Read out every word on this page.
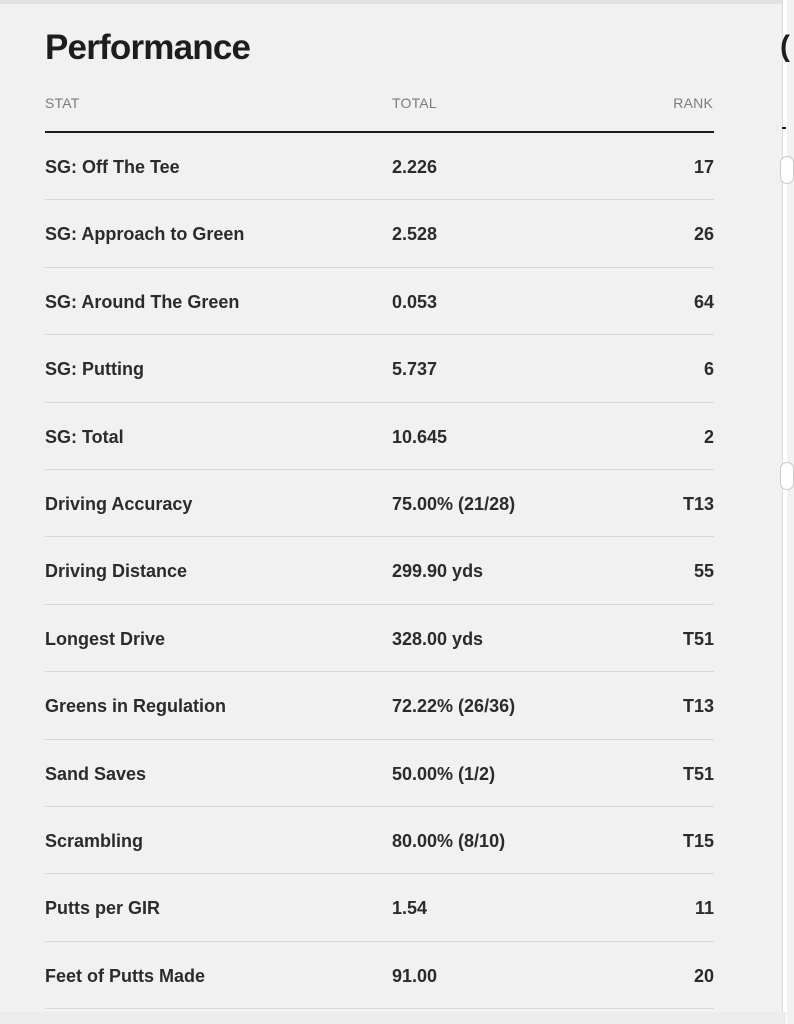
Performance
STAT	TOTAL	RANK
SG: Off The Tee	2.226	17
SG: Approach to Green	2.528	26
SG: Around The Green	0.053	64
SG: Putting	5.737	6
SG: Total	10.645	2
Driving Accuracy	75.00% (21/28)	T13
Driving Distance	299.90 yds	55
Longest Drive	328.00 yds	T51
Greens in Regulation	72.22% (26/36)	T13
Sand Saves	50.00% (1/2)	T51
Scrambling	80.00% (8/10)	T15
Putts per GIR	1.54	11
Feet of Putts Made	91.00	20
(
